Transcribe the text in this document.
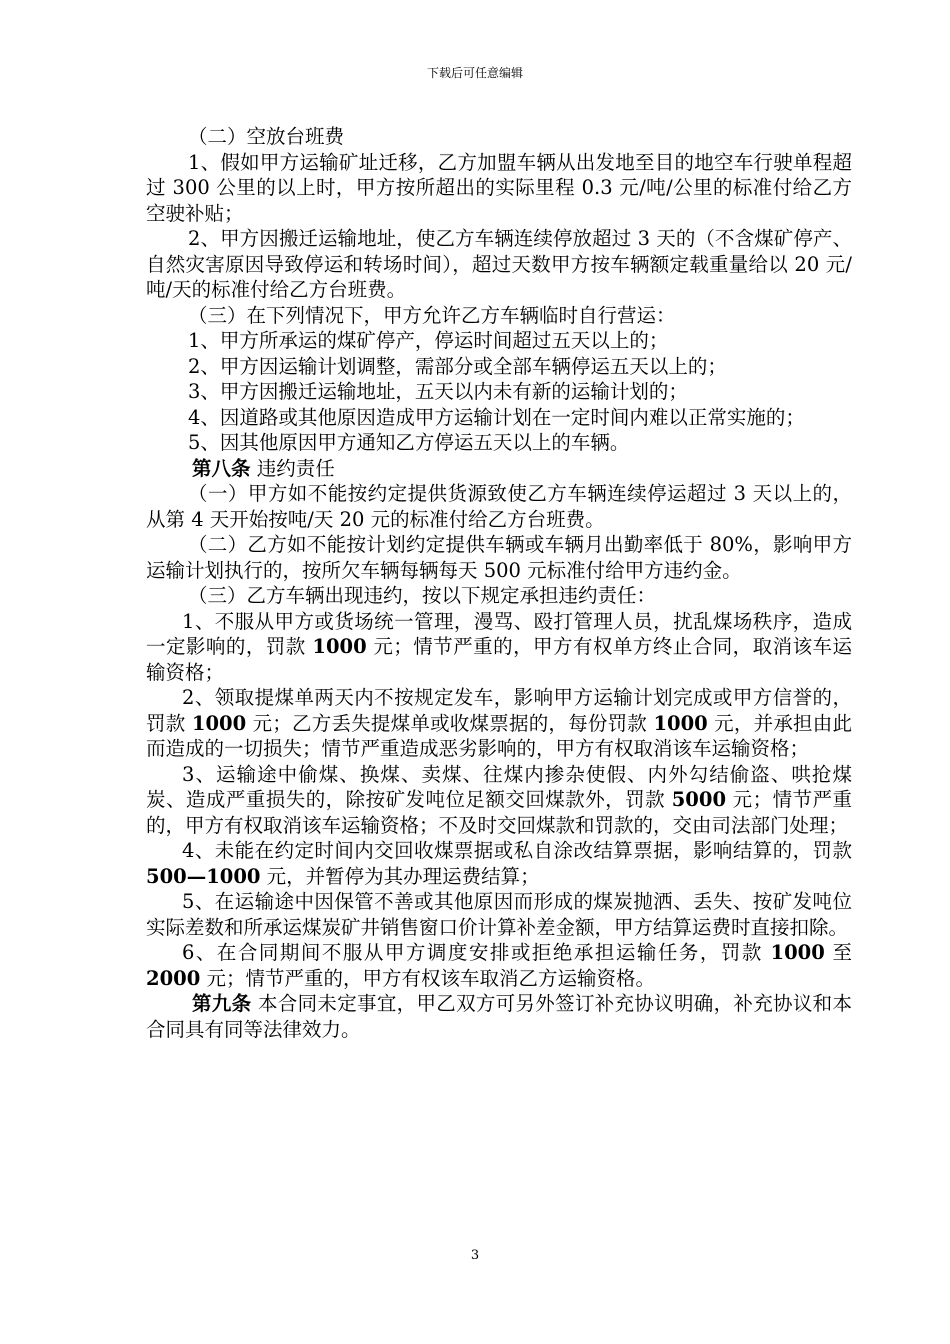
下载后可任意编辑

（二）空放台班费

1、假如甲方运输矿址迁移，乙方加盟车辆从出发地至目的地空车行驶单程超过 300 公里的以上时，甲方按所超出的实际里程 0.3 元/吨/公里的标准付给乙方空驶补贴；

2、甲方因搬迁运输地址，使乙方车辆连续停放超过 3 天的（不含煤矿停产、自然灾害原因导致停运和转场时间），超过天数甲方按车辆额定载重量给以 20 元/吨/天的标准付给乙方台班费。

（三）在下列情况下，甲方允许乙方车辆临时自行营运：

1、甲方所承运的煤矿停产，停运时间超过五天以上的；

2、甲方因运输计划调整，需部分或全部车辆停运五天以上的；

3、甲方因搬迁运输地址，五天以内未有新的运输计划的；

4、因道路或其他原因造成甲方运输计划在一定时间内难以正常实施的；

5、因其他原因甲方通知乙方停运五天以上的车辆。

第八条 违约责任

（一）甲方如不能按约定提供货源致使乙方车辆连续停运超过 3 天以上的，从第 4 天开始按吨/天 20 元的标准付给乙方台班费。

（二）乙方如不能按计划约定提供车辆或车辆月出勤率低于 80%，影响甲方运输计划执行的，按所欠车辆每辆每天 500 元标准付给甲方违约金。

（三）乙方车辆出现违约，按以下规定承担违约责任：

1、不服从甲方或货场统一管理，漫骂、殴打管理人员，扰乱煤场秩序，造成一定影响的，罚款 1000 元；情节严重的，甲方有权单方终止合同，取消该车运输资格；

2、领取提煤单两天内不按规定发车，影响甲方运输计划完成或甲方信誉的，罚款 1000 元；乙方丢失提煤单或收煤票据的，每份罚款 1000 元，并承担由此而造成的一切损失；情节严重造成恶劣影响的，甲方有权取消该车运输资格；

3、运输途中偷煤、换煤、卖煤、往煤内掺杂使假、内外勾结偷盗、哄抢煤炭、造成严重损失的，除按矿发吨位足额交回煤款外，罚款 5000 元；情节严重的，甲方有权取消该车运输资格；不及时交回煤款和罚款的，交由司法部门处理；

4、未能在约定时间内交回收煤票据或私自涂改结算票据，影响结算的，罚款 500—1000 元，并暂停为其办理运费结算；

5、在运输途中因保管不善或其他原因而形成的煤炭抛洒、丢失、按矿发吨位实际差数和所承运煤炭矿井销售窗口价计算补差金额，甲方结算运费时直接扣除。

6、在合同期间不服从甲方调度安排或拒绝承担运输任务，罚款 1000 至 2000 元；情节严重的，甲方有权该车取消乙方运输资格。

第九条 本合同未定事宜，甲乙双方可另外签订补充协议明确，补充协议和本合同具有同等法律效力。

3
